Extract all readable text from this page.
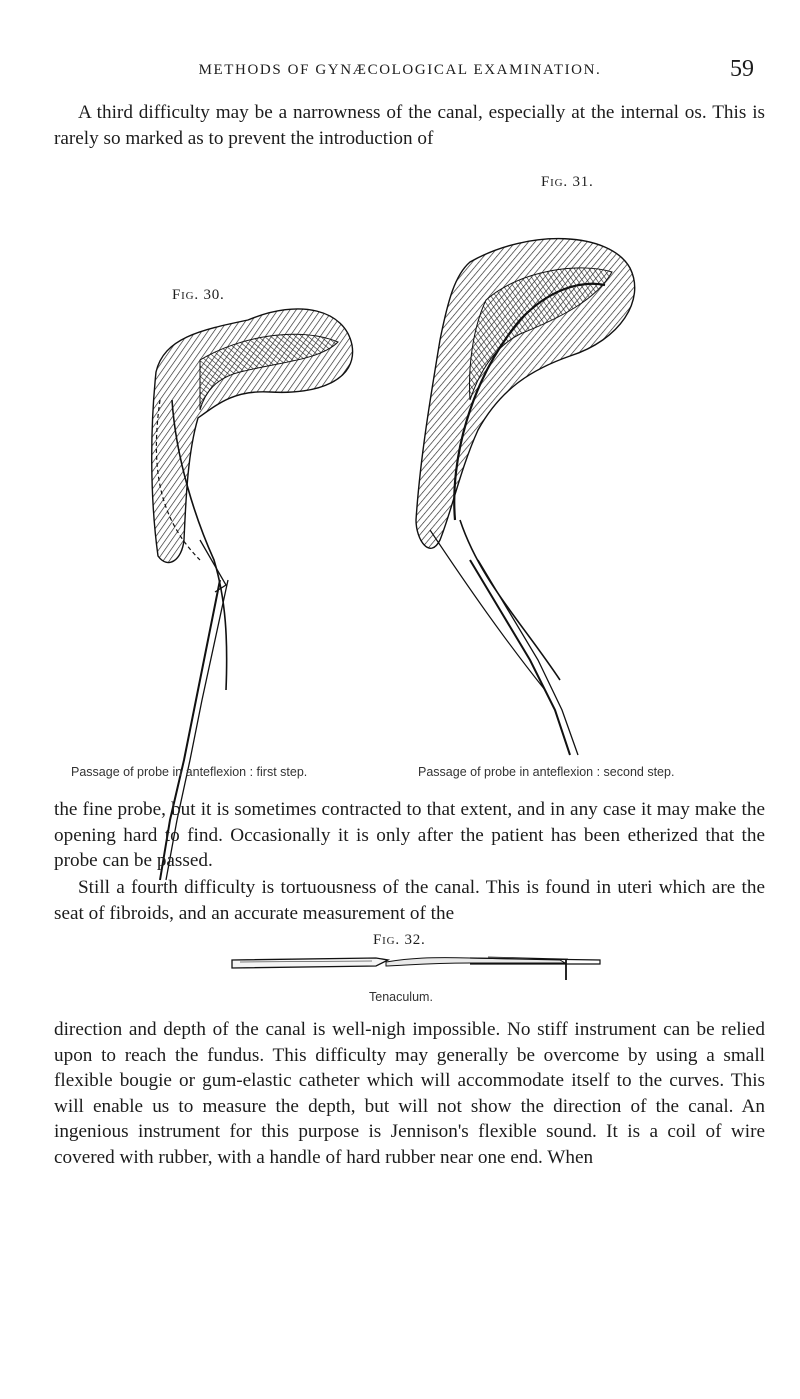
METHODS OF GYNÆCOLOGICAL EXAMINATION.	59

A third difficulty may be a narrowness of the canal, especially at the internal os. This is rarely so marked as to prevent the introduction of

Fig. 31.
Fig. 30.
Passage of probe in anteflexion : first step.	Passage of probe in anteflexion : second step.

the fine probe, but it is sometimes contracted to that extent, and in any case it may make the opening hard to find. Occasionally it is only after the patient has been etherized that the probe can be passed.

Still a fourth difficulty is tortuousness of the canal. This is found in uteri which are the seat of fibroids, and an accurate measurement of the

Fig. 32.
Tenaculum.

direction and depth of the canal is well-nigh impossible. No stiff instrument can be relied upon to reach the fundus. This difficulty may generally be overcome by using a small flexible bougie or gum-elastic catheter which will accommodate itself to the curves. This will enable us to measure the depth, but will not show the direction of the canal. An ingenious instrument for this purpose is Jennison's flexible sound. It is a coil of wire covered with rubber, with a handle of hard rubber near one end. When
